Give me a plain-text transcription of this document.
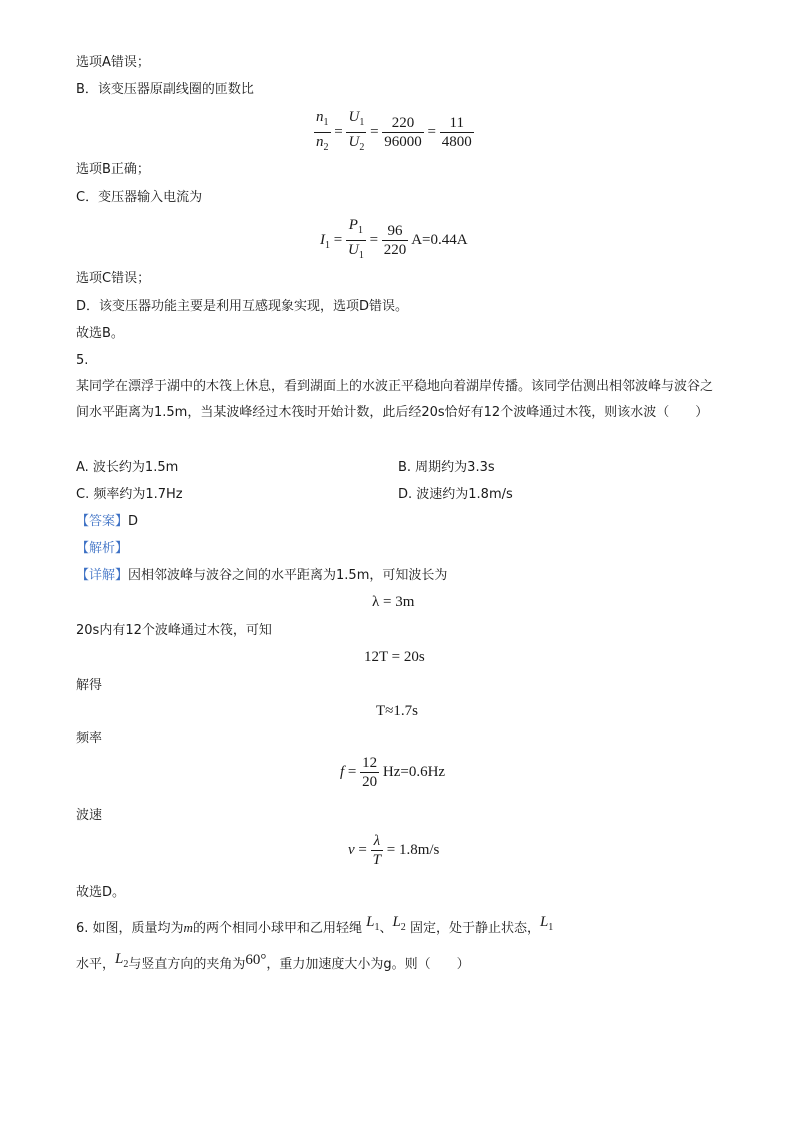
选项A错误；
B．该变压器原副线圈的匝数比
$\frac{n_1}{n_2} = \frac{U_1}{U_2} = \frac{220}{96000} = \frac{11}{4800}$
选项B正确；
C．变压器输入电流为
$I_1 = \frac{P_1}{U_1} = \frac{96}{220} A=0.44A$
选项C错误；
D．该变压器功能主要是利用互感现象实现，选项D错误。
故选B。
5.
某同学在漂浮于湖中的木筏上休息，看到湖面上的水波正平稳地向着湖岸传播。该同学估测出相邻波峰与波谷之间水平距离为1.5m，当某波峰经过木筏时开始计数，此后经20s恰好有12个波峰通过木筏，则该水波（　　）
A. 波长约为1.5m	B. 周期约为3.3s
C. 频率约为1.7Hz	D. 波速约为1.8m/s
【答案】D
【解析】
【详解】因相邻波峰与波谷之间的水平距离为1.5m，可知波长为
λ = 3m
20s内有12个波峰通过木筏，可知
12T = 20s
解得
T≈1.7s
频率
$f = \frac{12}{20} Hz=0.6Hz$
波速
$v = \frac{\lambda}{T} = 1.8m/s$
故选D。
6. 如图，质量均为m的两个相同小球甲和乙用轻绳 $L_1$、$L_2$ 固定，处于静止状态，$L_1$
水平，$L_2$与竖直方向的夹角为60°，重力加速度大小为g。则（　　）
